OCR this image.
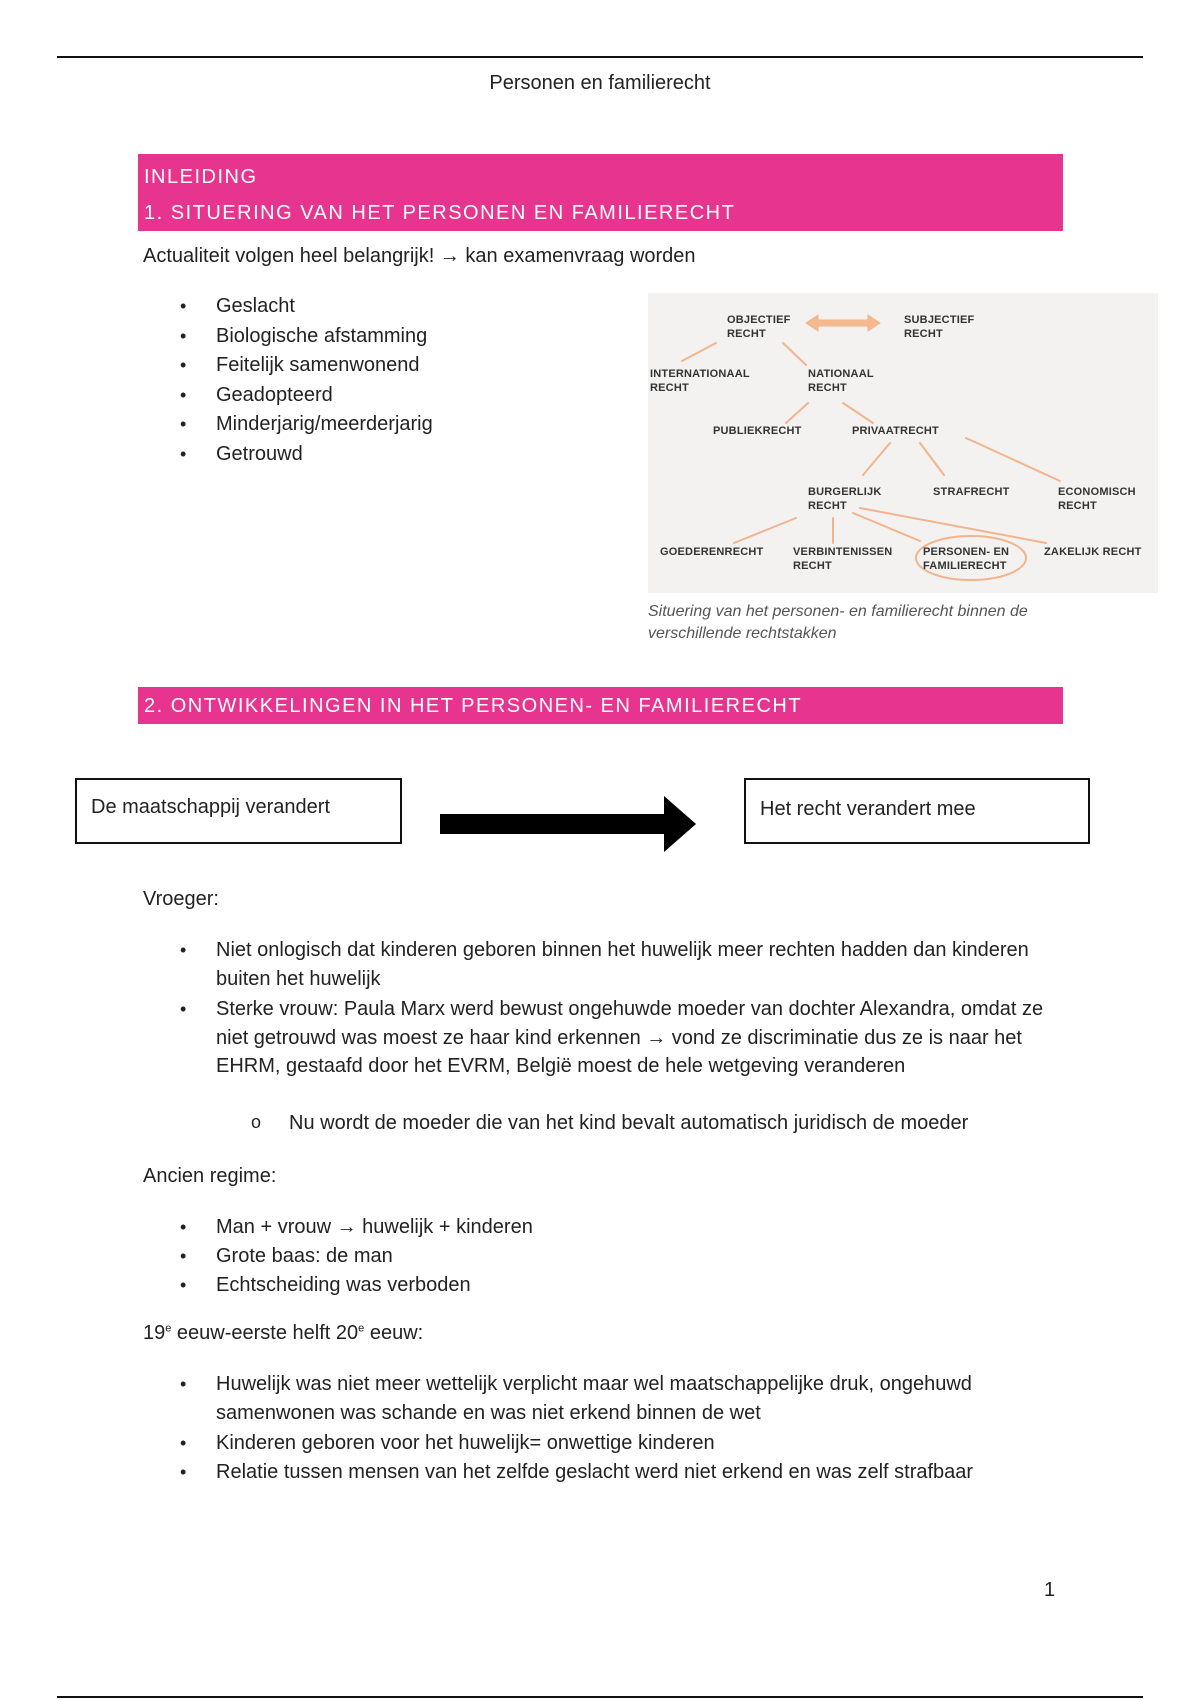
Personen en familierecht
INLEIDING
1. SITUERING VAN HET PERSONEN EN FAMILIERECHT
Actualiteit volgen heel belangrijk! → kan examenvraag worden
• Geslacht
• Biologische afstamming
• Feitelijk samenwonend
• Geadopteerd
• Minderjarig/meerderjarig
• Getrouwd
OBJECTIEF
RECHT
SUBJECTIEF
RECHT
INTERNATIONAAL
RECHT
NATIONAAL
RECHT
PUBLIEKRECHT	PRIVAATRECHT
BURGERLIJK
RECHT
STRAFRECHT	ECONOMISCH
RECHT
GOEDERENRECHT	VERBINTENISSEN
RECHT
PERSONEN- EN
FAMILIERECHT
ZAKELIJK RECHT
Situering van het personen- en familierecht binnen de verschillende rechtstakken
2. ONTWIKKELINGEN IN HET PERSONEN- EN FAMILIERECHT
De maatschappij verandert	Het recht verandert mee
Vroeger:
• Niet onlogisch dat kinderen geboren binnen het huwelijk meer rechten hadden dan kinderen buiten het huwelijk
• Sterke vrouw: Paula Marx werd bewust ongehuwde moeder van dochter Alexandra, omdat ze niet getrouwd was moest ze haar kind erkennen → vond ze discriminatie dus ze is naar het EHRM, gestaafd door het EVRM, België moest de hele wetgeving veranderen
o Nu wordt de moeder die van het kind bevalt automatisch juridisch de moeder
Ancien regime:
• Man + vrouw → huwelijk + kinderen
• Grote baas: de man
• Echtscheiding was verboden
19e eeuw-eerste helft 20e eeuw:
• Huwelijk was niet meer wettelijk verplicht maar wel maatschappelijke druk, ongehuwd samenwonen was schande en was niet erkend binnen de wet
• Kinderen geboren voor het huwelijk= onwettige kinderen
• Relatie tussen mensen van het zelfde geslacht werd niet erkend en was zelf strafbaar
1
